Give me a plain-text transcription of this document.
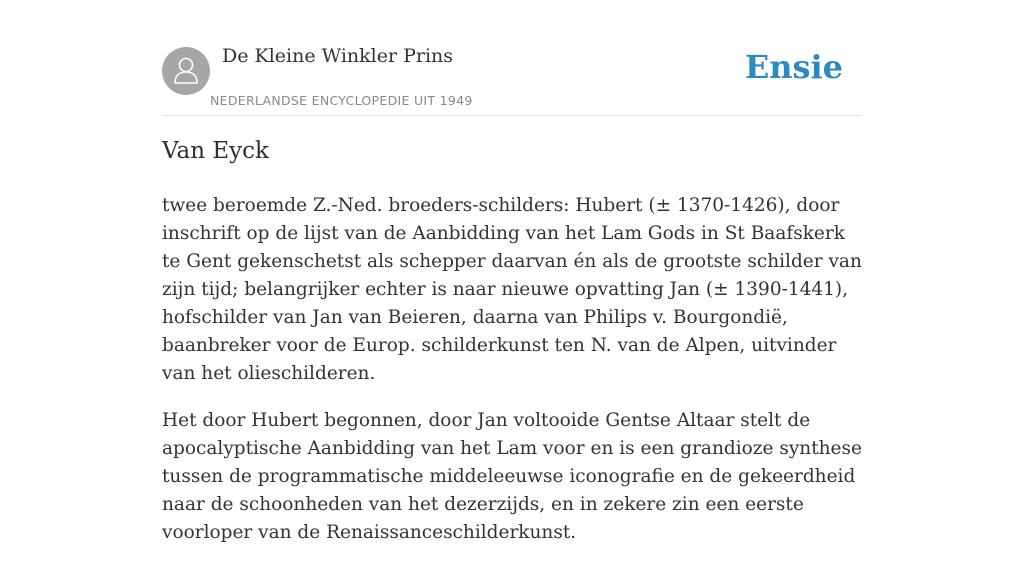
De Kleine Winkler Prins
NEDERLANDSE ENCYCLOPEDIE UIT 1949
Ensie
Van Eyck

twee beroemde Z.-Ned. broeders-schilders: Hubert (± 1370-1426), door inschrift op de lijst van de Aanbidding van het Lam Gods in St Baafskerk te Gent gekenschetst als schepper daarvan én als de grootste schilder van zijn tijd; belangrijker echter is naar nieuwe opvatting Jan (± 1390-1441), hofschilder van Jan van Beieren, daarna van Philips v. Bourgondië, baanbreker voor de Europ. schilderkunst ten N. van de Alpen, uitvinder van het olieschilderen.

Het door Hubert begonnen, door Jan voltooide Gentse Altaar stelt de apocalyptische Aanbidding van het Lam voor en is een grandioze synthese tussen de programmatische middeleeuwse iconografie en de gekeerdheid naar de schoonheden van het dezerzijds, en in zekere zin een eerste voorloper van de Renaissanceschilderkunst.
